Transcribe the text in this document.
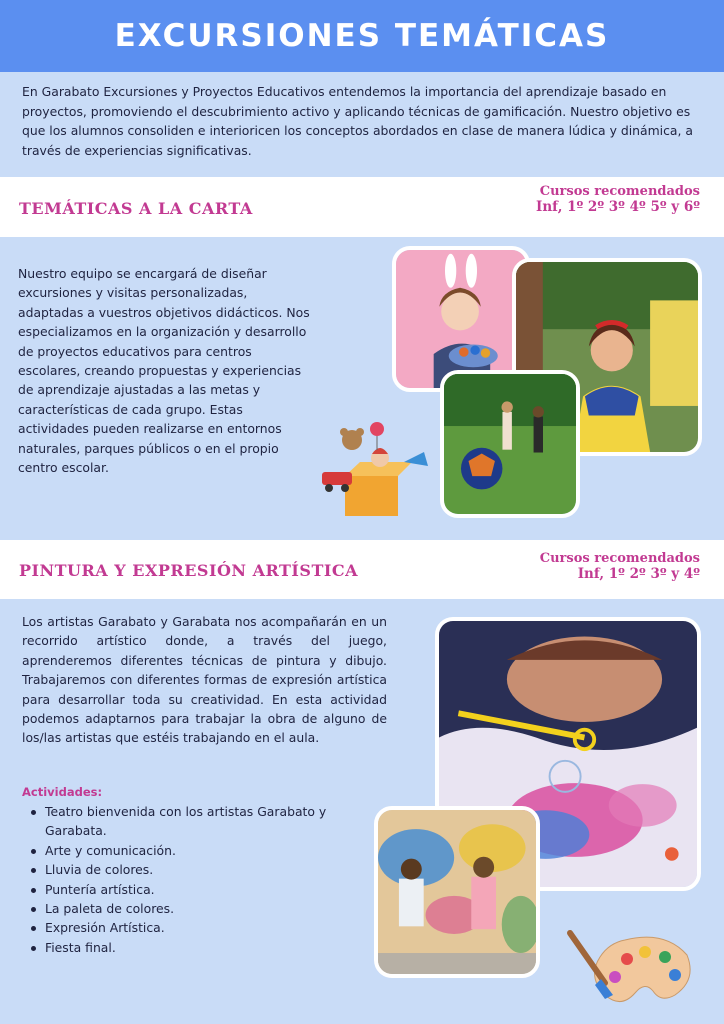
EXCURSIONES TEMÁTICAS

En Garabato Excursiones y Proyectos Educativos entendemos la importancia del aprendizaje basado en proyectos, promoviendo el descubrimiento activo y aplicando técnicas de gamificación. Nuestro objetivo es que los alumnos consoliden e interioricen los conceptos abordados en clase de manera lúdica y dinámica, a través de experiencias significativas.

TEMÁTICAS A LA CARTA
Cursos recomendados
Inf, 1º 2º 3º 4º 5º y 6º

Nuestro equipo se encargará de diseñar excursiones y visitas personalizadas, adaptadas a vuestros objetivos didácticos. Nos especializamos en la organización y desarrollo de proyectos educativos para centros escolares, creando propuestas y experiencias de aprendizaje ajustadas a las metas y características de cada grupo. Estas actividades pueden realizarse en entornos naturales, parques públicos o en el propio centro escolar.

PINTURA Y EXPRESIÓN ARTÍSTICA
Cursos recomendados
Inf, 1º 2º 3º y 4º

Los artistas Garabato y Garabata nos acompañarán en un recorrido artístico donde, a través del juego, aprenderemos diferentes técnicas de pintura y dibujo. Trabajaremos con diferentes formas de expresión artística para desarrollar toda su creatividad. En esta actividad podemos adaptarnos para trabajar la obra de alguno de los/las artistas que estéis trabajando en el aula.

Actividades:
Teatro bienvenida con los artistas Garabato y Garabata.
Arte y comunicación.
Lluvia de colores.
Puntería artística.
La paleta de colores.
Expresión Artística.
Fiesta final.
